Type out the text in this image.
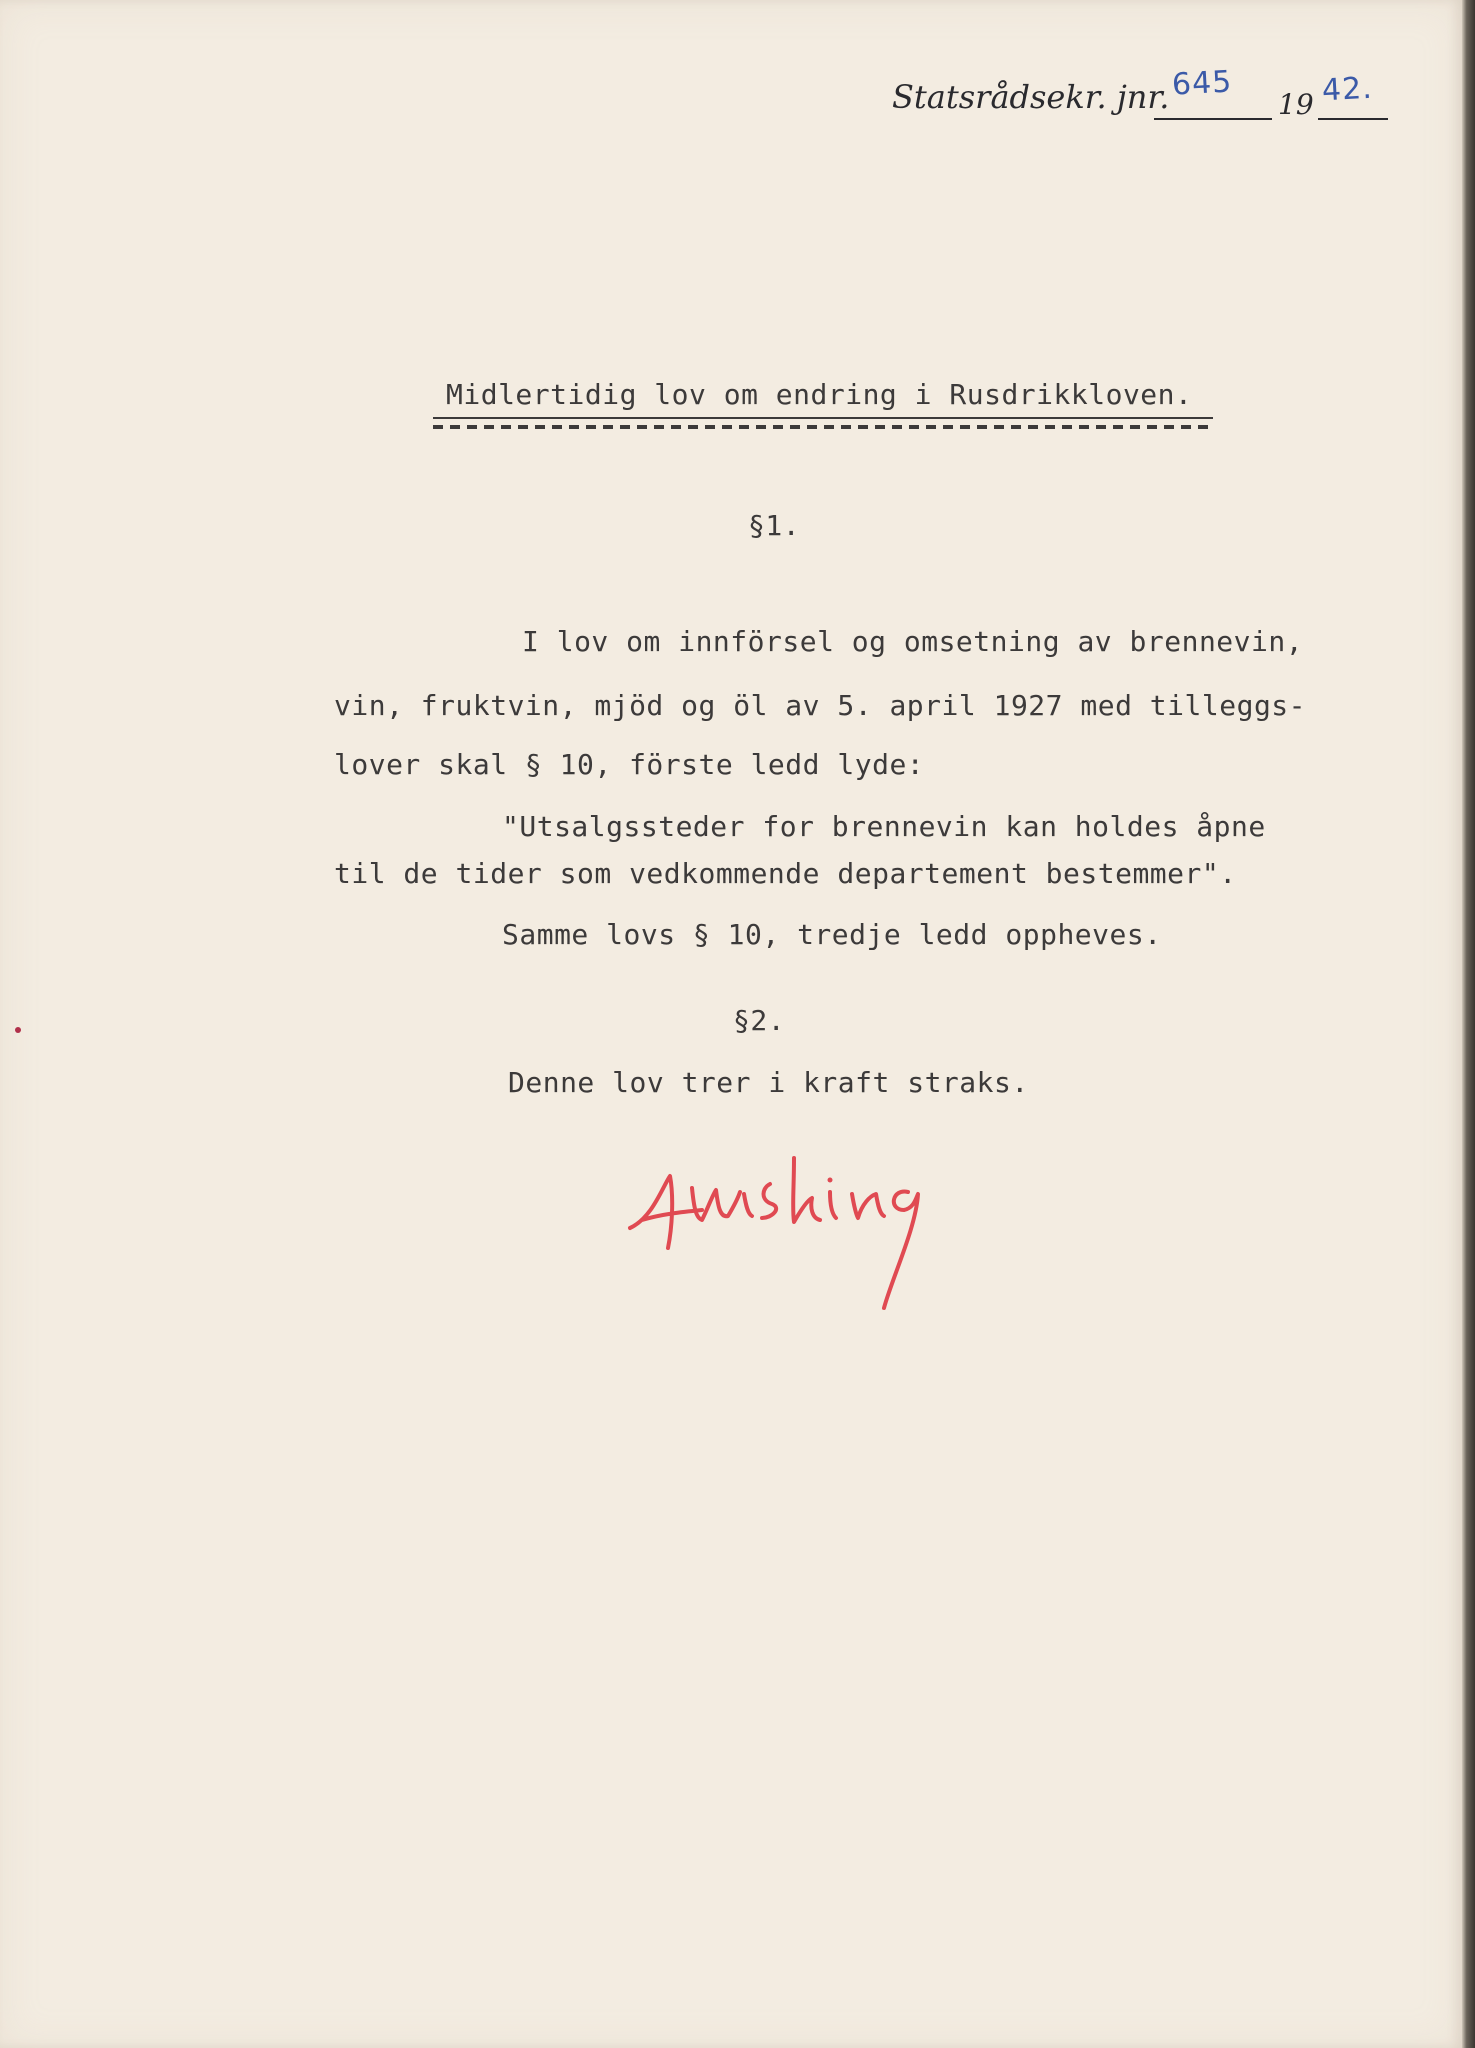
Statsrådsekr. jnr.	19
645	42.
Midlertidig lov om endring i Rusdrikkloven.
§1.
I lov om innförsel og omsetning av brennevin,
vin, fruktvin, mjöd og öl av 5. april 1927 med tilleggs-
lover skal § 10, förste ledd lyde:
"Utsalgssteder for brennevin kan holdes åpne
til de tider som vedkommende departement bestemmer".
Samme lovs § 10, tredje ledd oppheves.
§2.
Denne lov trer i kraft straks.
